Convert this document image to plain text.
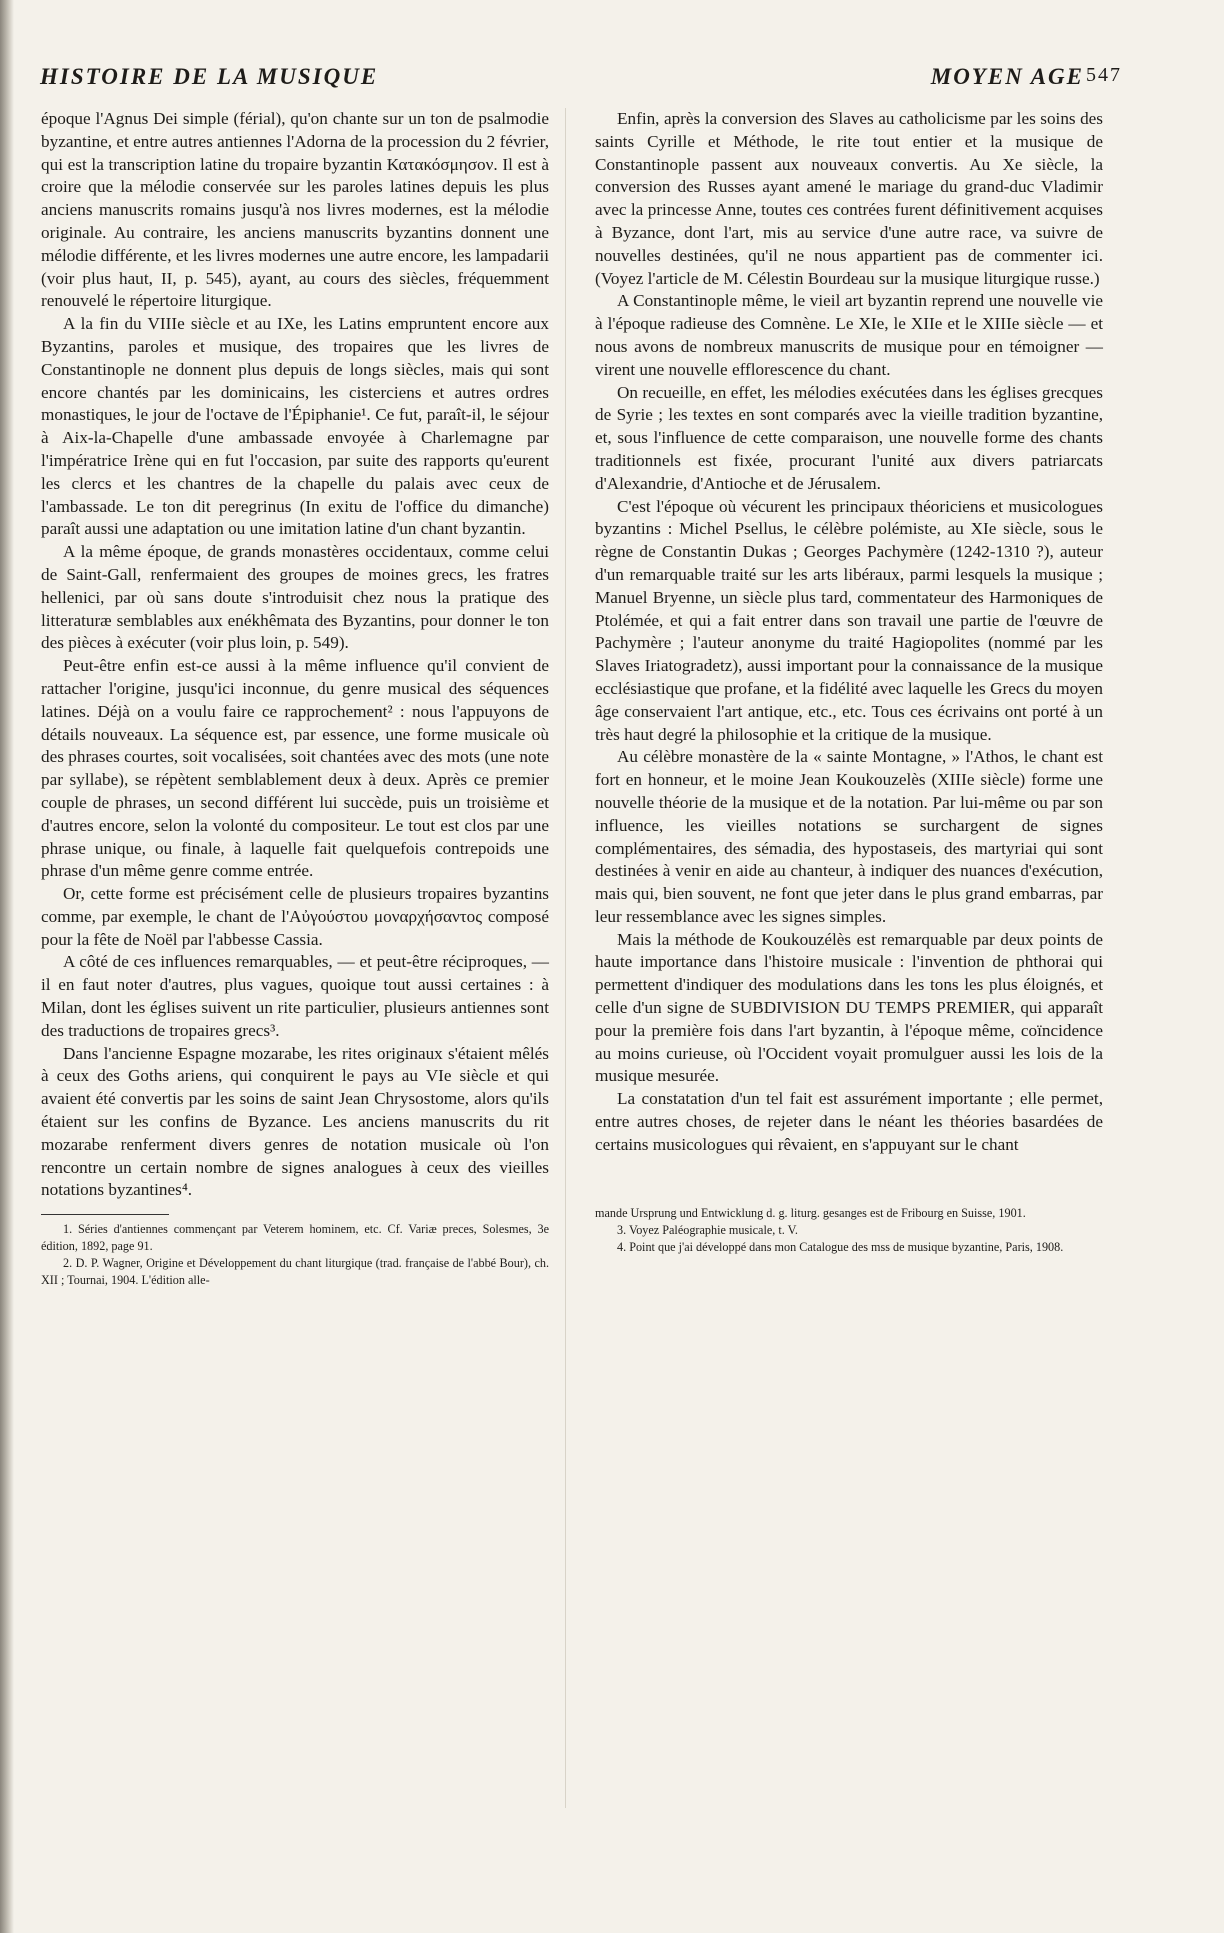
HISTOIRE DE LA MUSIQUE	MOYEN AGE 547

époque l'Agnus Dei simple (férial), qu'on chante sur un ton de psalmodie byzantine, et entre autres antiennes l'Adorna de la procession du 2 février, qui est la transcription latine du tropaire byzantin Κατακόσμησον. Il est à croire que la mélodie conservée sur les paroles latines depuis les plus anciens manuscrits romains jusqu'à nos livres modernes, est la mélodie originale. Au contraire, les anciens manuscrits byzantins donnent une mélodie différente, et les livres modernes une autre encore, les lampadarii (voir plus haut, II, p. 545), ayant, au cours des siècles, fréquemment renouvelé le répertoire liturgique.

A la fin du VIIIe siècle et au IXe, les Latins empruntent encore aux Byzantins, paroles et musique, des tropaires que les livres de Constantinople ne donnent plus depuis de longs siècles, mais qui sont encore chantés par les dominicains, les cisterciens et autres ordres monastiques, le jour de l'octave de l'Épiphanie¹. Ce fut, paraît-il, le séjour à Aix-la-Chapelle d'une ambassade envoyée à Charlemagne par l'impératrice Irène qui en fut l'occasion, par suite des rapports qu'eurent les clercs et les chantres de la chapelle du palais avec ceux de l'ambassade. Le ton dit peregrinus (In exitu de l'office du dimanche) paraît aussi une adaptation ou une imitation latine d'un chant byzantin.

A la même époque, de grands monastères occidentaux, comme celui de Saint-Gall, renfermaient des groupes de moines grecs, les fratres hellenici, par où sans doute s'introduisit chez nous la pratique des litteraturæ semblables aux enékhêmata des Byzantins, pour donner le ton des pièces à exécuter (voir plus loin, p. 549).

Peut-être enfin est-ce aussi à la même influence qu'il convient de rattacher l'origine, jusqu'ici inconnue, du genre musical des séquences latines. Déjà on a voulu faire ce rapprochement² : nous l'appuyons de détails nouveaux. La séquence est, par essence, une forme musicale où des phrases courtes, soit vocalisées, soit chantées avec des mots (une note par syllabe), se répètent semblablement deux à deux. Après ce premier couple de phrases, un second différent lui succède, puis un troisième et d'autres encore, selon la volonté du compositeur. Le tout est clos par une phrase unique, ou finale, à laquelle fait quelquefois contrepoids une phrase d'un même genre comme entrée.

Or, cette forme est précisément celle de plusieurs tropaires byzantins comme, par exemple, le chant de l'Αὐγούστου μοναρχήσαντος composé pour la fête de Noël par l'abbesse Cassia.

A côté de ces influences remarquables, — et peut-être réciproques, — il en faut noter d'autres, plus vagues, quoique tout aussi certaines : à Milan, dont les églises suivent un rite particulier, plusieurs antiennes sont des traductions de tropaires grecs³.

Dans l'ancienne Espagne mozarabe, les rites originaux s'étaient mêlés à ceux des Goths ariens, qui conquirent le pays au VIe siècle et qui avaient été convertis par les soins de saint Jean Chrysostome, alors qu'ils étaient sur les confins de Byzance. Les anciens manuscrits du rit mozarabe renferment divers genres de notation musicale où l'on rencontre un certain nombre de signes analogues à ceux des vieilles notations byzantines⁴.

1. Séries d'antiennes commençant par Veterem hominem, etc. Cf. Variæ preces, Solesmes, 3e édition, 1892, page 91.

2. D. P. Wagner, Origine et Développement du chant liturgique (trad. française de l'abbé Bour), ch. XII ; Tournai, 1904. L'édition alle-

Enfin, après la conversion des Slaves au catholicisme par les soins des saints Cyrille et Méthode, le rite tout entier et la musique de Constantinople passent aux nouveaux convertis. Au Xe siècle, la conversion des Russes ayant amené le mariage du grand-duc Vladimir avec la princesse Anne, toutes ces contrées furent définitivement acquises à Byzance, dont l'art, mis au service d'une autre race, va suivre de nouvelles destinées, qu'il ne nous appartient pas de commenter ici. (Voyez l'article de M. Célestin Bourdeau sur la musique liturgique russe.)

A Constantinople même, le vieil art byzantin reprend une nouvelle vie à l'époque radieuse des Comnène. Le XIe, le XIIe et le XIIIe siècle — et nous avons de nombreux manuscrits de musique pour en témoigner — virent une nouvelle efflorescence du chant.

On recueille, en effet, les mélodies exécutées dans les églises grecques de Syrie ; les textes en sont comparés avec la vieille tradition byzantine, et, sous l'influence de cette comparaison, une nouvelle forme des chants traditionnels est fixée, procurant l'unité aux divers patriarcats d'Alexandrie, d'Antioche et de Jérusalem.

C'est l'époque où vécurent les principaux théoriciens et musicologues byzantins : Michel Psellus, le célèbre polémiste, au XIe siècle, sous le règne de Constantin Dukas ; Georges Pachymère (1242-1310 ?), auteur d'un remarquable traité sur les arts libéraux, parmi lesquels la musique ; Manuel Bryenne, un siècle plus tard, commentateur des Harmoniques de Ptolémée, et qui a fait entrer dans son travail une partie de l'œuvre de Pachymère ; l'auteur anonyme du traité Hagiopolites (nommé par les Slaves Iriatogradetz), aussi important pour la connaissance de la musique ecclésiastique que profane, et la fidélité avec laquelle les Grecs du moyen âge conservaient l'art antique, etc., etc. Tous ces écrivains ont porté à un très haut degré la philosophie et la critique de la musique.

Au célèbre monastère de la « sainte Montagne, » l'Athos, le chant est fort en honneur, et le moine Jean Koukouzelès (XIIIe siècle) forme une nouvelle théorie de la musique et de la notation. Par lui-même ou par son influence, les vieilles notations se surchargent de signes complémentaires, des sémadia, des hypostaseis, des martyriai qui sont destinées à venir en aide au chanteur, à indiquer des nuances d'exécution, mais qui, bien souvent, ne font que jeter dans le plus grand embarras, par leur ressemblance avec les signes simples.

Mais la méthode de Koukouzélès est remarquable par deux points de haute importance dans l'histoire musicale : l'invention de phthorai qui permettent d'indiquer des modulations dans les tons les plus éloignés, et celle d'un signe de SUBDIVISION DU TEMPS PREMIER, qui apparaît pour la première fois dans l'art byzantin, à l'époque même, coïncidence au moins curieuse, où l'Occident voyait promulguer aussi les lois de la musique mesurée.

La constatation d'un tel fait est assurément importante ; elle permet, entre autres choses, de rejeter dans le néant les théories basardées de certains musicologues qui rêvaient, en s'appuyant sur le chant

mande Ursprung und Entwicklung d. g. liturg. gesanges est de Fribourg en Suisse, 1901.

3. Voyez Paléographie musicale, t. V.

4. Point que j'ai développé dans mon Catalogue des mss de musique byzantine, Paris, 1908.
